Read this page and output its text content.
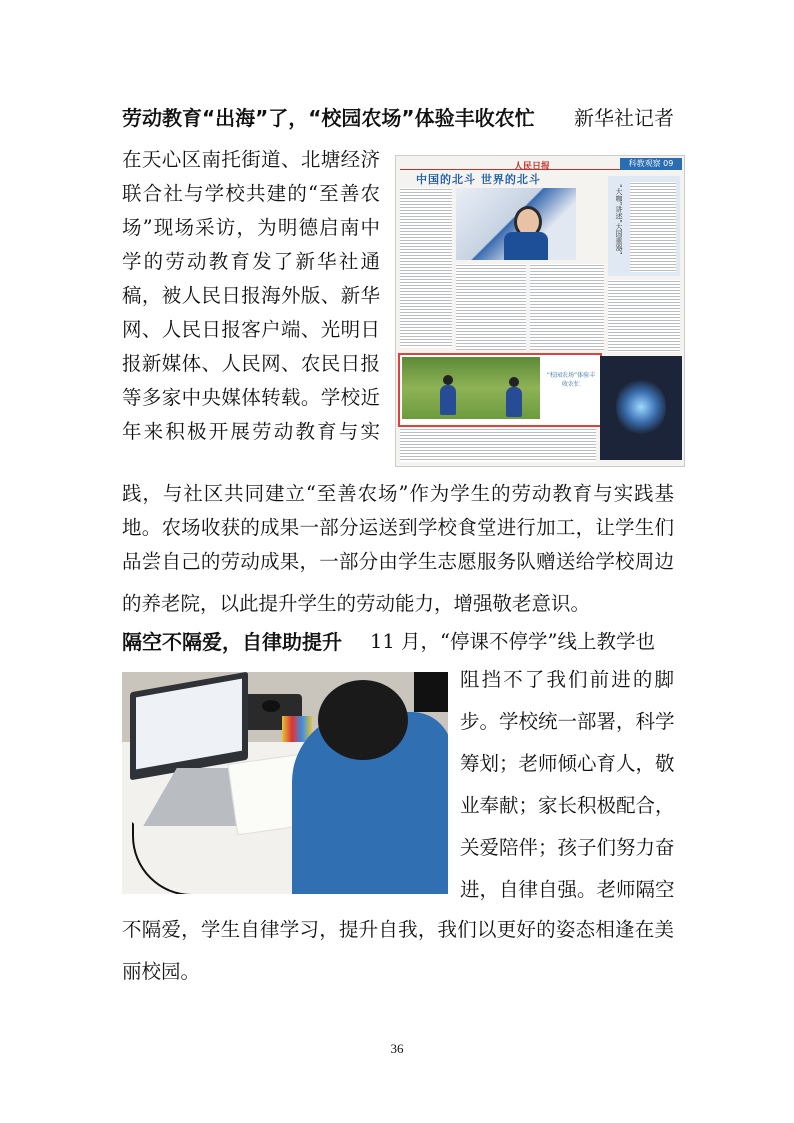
劳动教育“出海”了，“校园农场”体验丰收农忙 新华社记者
在天心区南托街道、北塘经济
联合社与学校共建的“至善农
场”现场采访，为明德启南中
学的劳动教育发了新华社通
稿，被人民日报海外版、新华
网、人民日报客户端、光明日
报新媒体、人民网、农民日报
等多家中央媒体转载。学校近
年来积极开展劳动教育与实
人民日报	科教观察 09
中国的北斗 世界的北斗
“大咖”讲述“大国重器”
“校园农场”体验丰收农忙
践，与社区共同建立“至善农场”作为学生的劳动教育与实践基
地。农场收获的成果一部分运送到学校食堂进行加工，让学生们
品尝自己的劳动成果，一部分由学生志愿服务队赠送给学校周边
的养老院，以此提升学生的劳动能力，增强敬老意识。
隔空不隔爱，自律助提升 11 月，“停课不停学”线上教学也
阻挡不了我们前进的脚
步。学校统一部署，科学
筹划；老师倾心育人，敬
业奉献；家长积极配合，
关爱陪伴；孩子们努力奋
进，自律自强。老师隔空
不隔爱，学生自律学习，提升自我，我们以更好的姿态相逢在美
丽校园。
36
